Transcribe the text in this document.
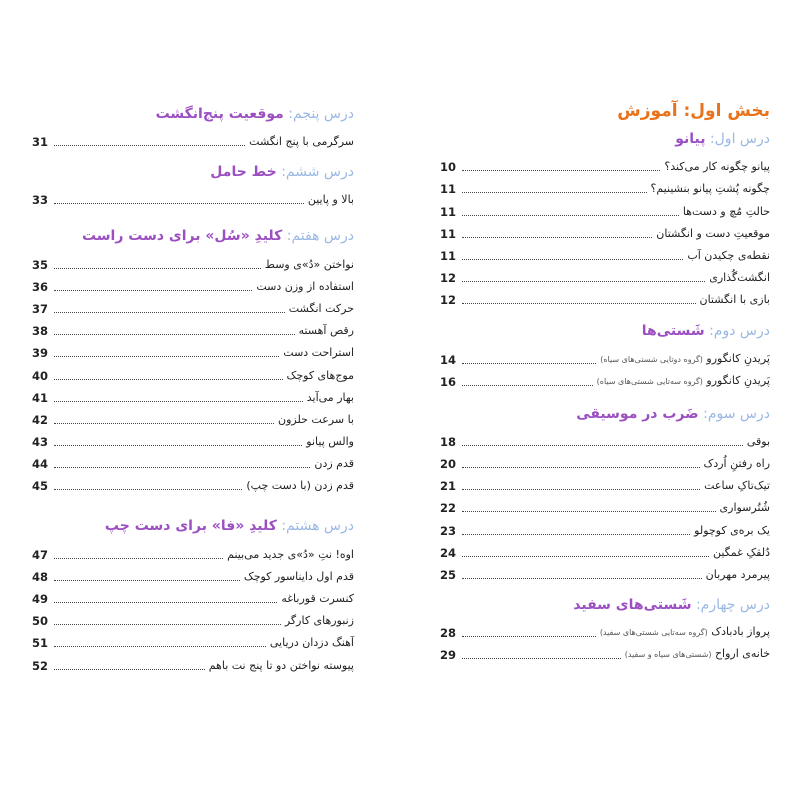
بخش اول: آموزش
درس اول: پیانو
پیانو چگونه کار می‌کند؟
10
چگونه پُشتِ پیانو بنشینیم؟
11
حالتِ مُچ و دست‌ها
11
موقعیتِ دست و انگشتان
11
نقطه‌ی چکیدن آب
11
انگشت‌گُذاری
12
بازی با انگشتان
12
درس دوم: شَستی‌ها
پَریدنِ کانگورو (گروه دوتایی شستی‌های سیاه)
14
پَریدنِ کانگورو (گروه سه‌تایی شستی‌های سیاه)
16
درس سوم: ضَرب در موسیقی
بوقی
18
راه رفتنِ اُردک
20
تیک‌تاکِ ساعت
21
شُتُرسواری
22
یک بره‌ی کوچولو
23
دُلقکِ غمگین
24
پیرمرد مهربان
25
درس چهارم: شَستی‌های سفید
پرواز بادبادک (گروه سه‌تایی شستی‌های سفید)
28
خانه‌ی ارواح (شستی‌های سیاه و سفید)
29
درس پنجم: موقعیت پنج‌انگشت
سرگرمی با پنج انگشت
31
درس ششم: خط حامل
بالا و پایین
33
درس هفتم: کلیدِ «سُل» برای دست راست
نواختن «دُ»ی وسط
35
استفاده از وزن دست
36
حرکت انگشت
37
رقص آهسته
38
استراحت دست
39
موج‌های کوچک
40
بهار می‌آید
41
با سرعت حلزون
42
والس پیانو
43
قدم زدن
44
قدم زدن (با دست چپ)
45
درس هشتم: کلیدِ «فا» برای دست چپ
اوه! نتِ «دُ»ی جدید می‌بینم
47
قدم اول دایناسور کوچک
48
کنسرت قورباغه
49
زنبورهای کارگر
50
آهنگ دزدان دریایی
51
پیوسته نواختن دو تا پنج نت باهم
52
